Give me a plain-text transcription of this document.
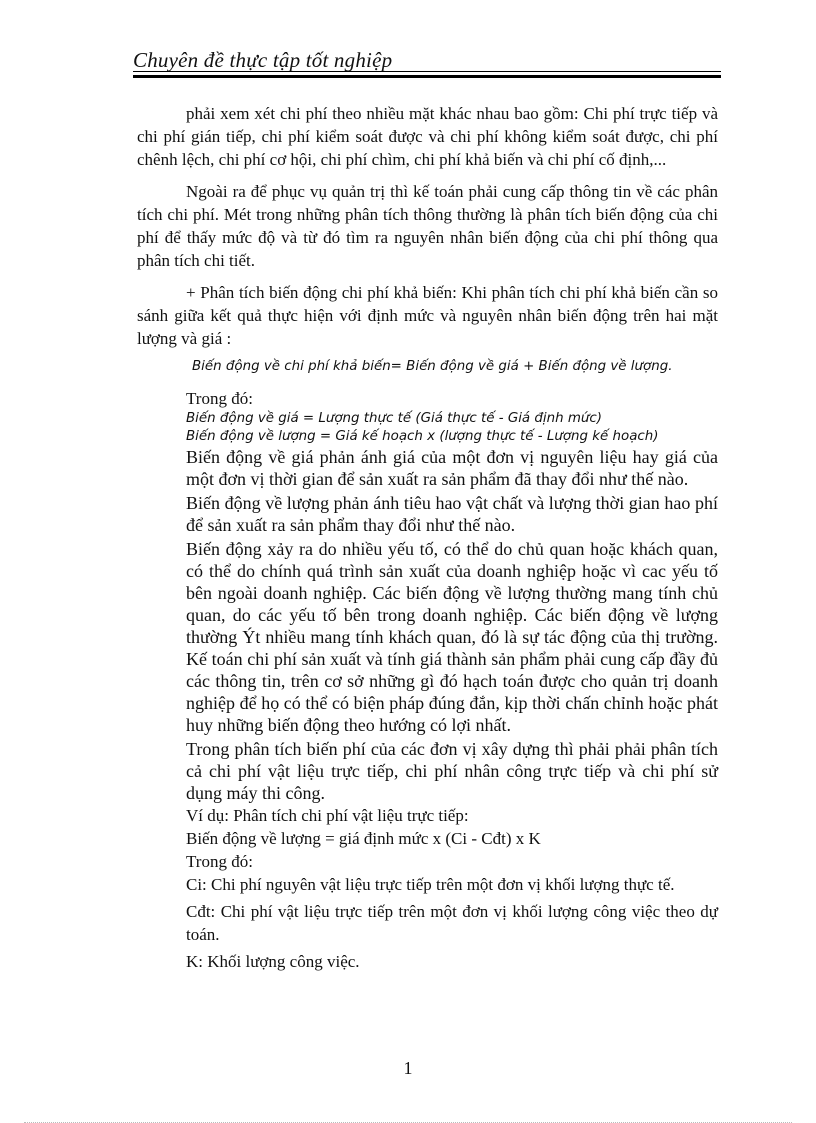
Chuyên đề thực tập tốt nghiệp

phải xem xét chi phí theo nhiều mặt khác nhau bao gồm: Chi phí trực tiếp và chi phí gián tiếp, chi phí kiểm soát được và chi phí không kiểm soát được, chi phí chênh lệch, chi phí cơ hội, chi phí chìm, chi phí khả biến và chi phí cố định,...

Ngoài ra để phục vụ quản trị thì kế toán phải cung cấp thông tin về các phân tích chi phí. Mét trong những phân tích thông thường là phân tích biến động của chi phí để thấy mức độ và từ đó tìm ra nguyên nhân biến động của chi phí thông qua phân tích chi tiết.

+ Phân tích biến động chi phí khả biến: Khi phân tích chi phí khả biến cần so sánh giữa kết quả thực hiện với định mức và nguyên nhân biến động trên hai mặt lượng và giá :

Biến động về chi phí khả biến= Biến động về giá + Biến động về lượng.

Trong đó:

Biến động về giá = Lượng thực tế (Giá thực tế - Giá định mức)

Biến động về lượng = Giá kế hoạch x (lượng thực tế - Lượng kế hoạch)

Biến động về giá phản ánh giá của một đơn vị nguyên liệu hay giá của một đơn vị thời gian để sản xuất ra sản phẩm đã thay đổi như thế nào.

Biến động về lượng phản ánh tiêu hao vật chất và lượng thời gian hao phí để sản xuất ra sản phẩm thay đổi như thế nào.

Biến động xảy ra do nhiều yếu tố, có thể do chủ quan hoặc khách quan, có thể do chính quá trình sản xuất của doanh nghiệp hoặc vì cac yếu tố bên ngoài doanh nghiệp. Các biến động về lượng thường mang tính chủ quan, do các yếu tố bên trong doanh nghiệp. Các biến động về lượng thường Ýt nhiều mang tính khách quan, đó là sự tác động của thị trường. Kế toán chi phí sản xuất và tính giá thành sản phẩm phải cung cấp đầy đủ các thông tin, trên cơ sở những gì đó hạch toán được cho quản trị doanh nghiệp để họ có thể có biện pháp đúng đắn, kịp thời chấn chỉnh hoặc phát huy những biến động theo hướng có lợi nhất.

Trong phân tích biến phí của các đơn vị xây dựng thì phải phải phân tích cả chi phí vật liệu trực tiếp, chi phí nhân công trực tiếp và chi phí sử dụng máy thi công.

Ví dụ: Phân tích chi phí vật liệu trực tiếp:

Biến động về lượng = giá định mức x (Ci - Cđt) x K

Trong đó:

Ci: Chi phí nguyên vật liệu trực tiếp trên một đơn vị khối lượng thực tế.

Cđt: Chi phí vật liệu trực tiếp trên một đơn vị khối lượng công việc theo dự toán.

K: Khối lượng công việc.

1
